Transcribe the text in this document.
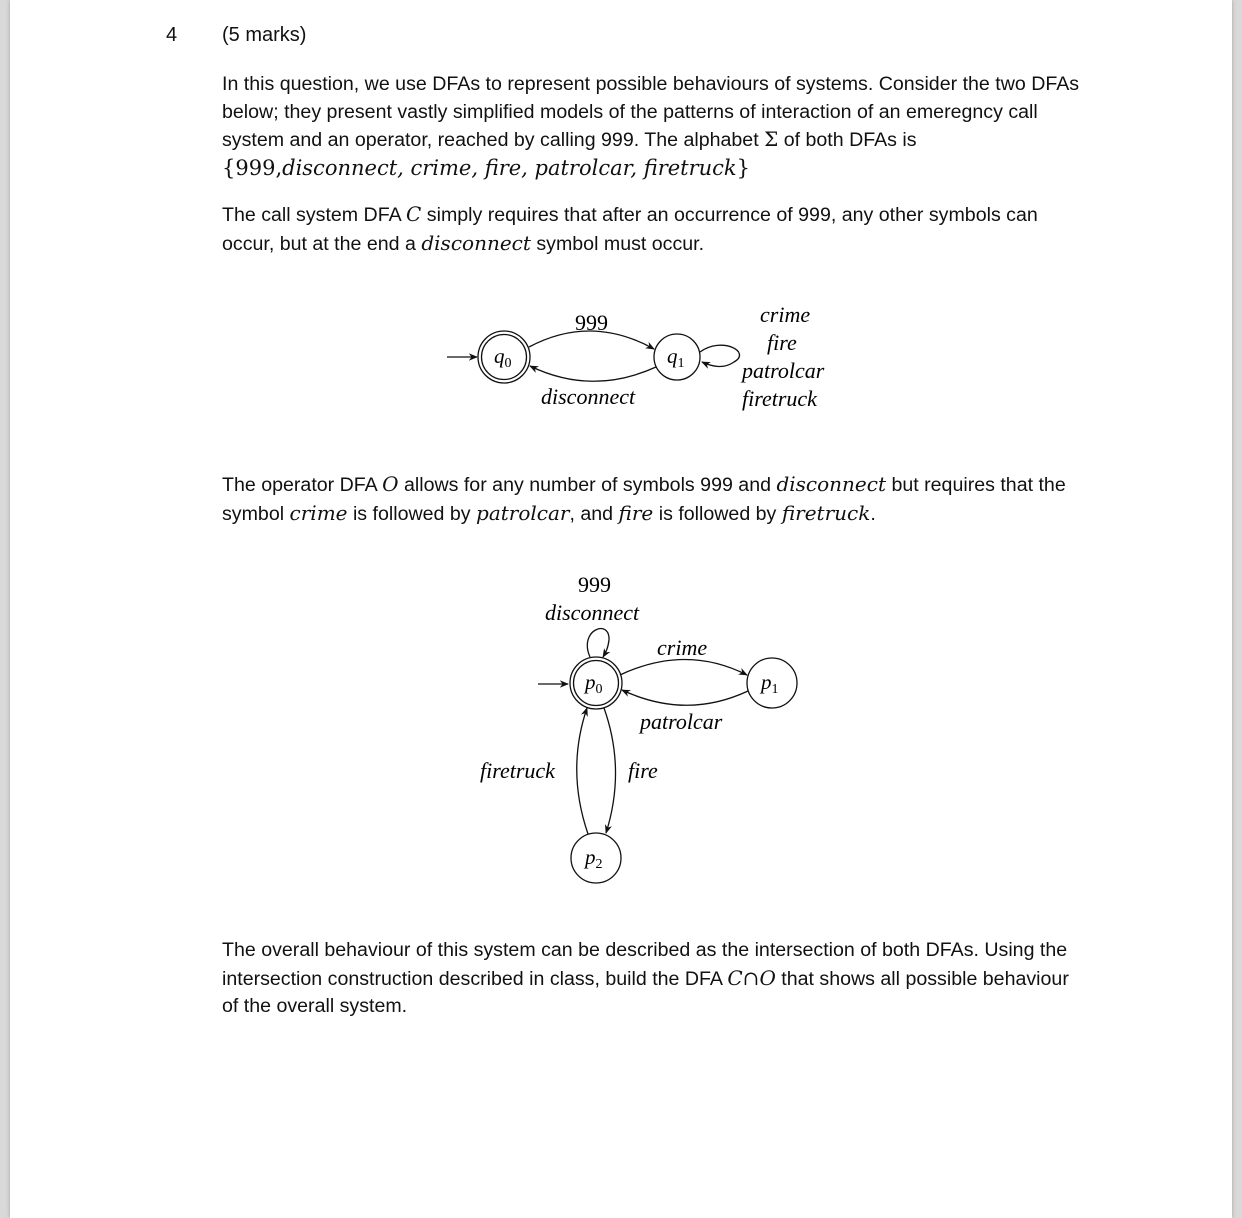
4 (5 marks)
In this question, we use DFAs to represent possible behaviours of systems. Consider the two DFAs below; they present vastly simplified models of the patterns of interaction of an emeregncy call system and an operator, reached by calling 999. The alphabet Σ of both DFAs is
{999,disconnect, crime, fire, patrolcar, firetruck}
The call system DFA C simply requires that after an occurrence of 999, any other symbols can occur, but at the end a disconnect symbol must occur.
q0	q1
999
disconnect
crime
fire
patrolcar
firetruck
p0	p1
p2
999
disconnect
crime
patrolcar
firetruck	fire
The operator DFA O allows for any number of symbols 999 and disconnect but requires that the symbol crime is followed by patrolcar, and fire is followed by firetruck.
The overall behaviour of this system can be described as the intersection of both DFAs. Using the intersection construction described in class, build the DFA C∩O that shows all possible behaviour of the overall system.
